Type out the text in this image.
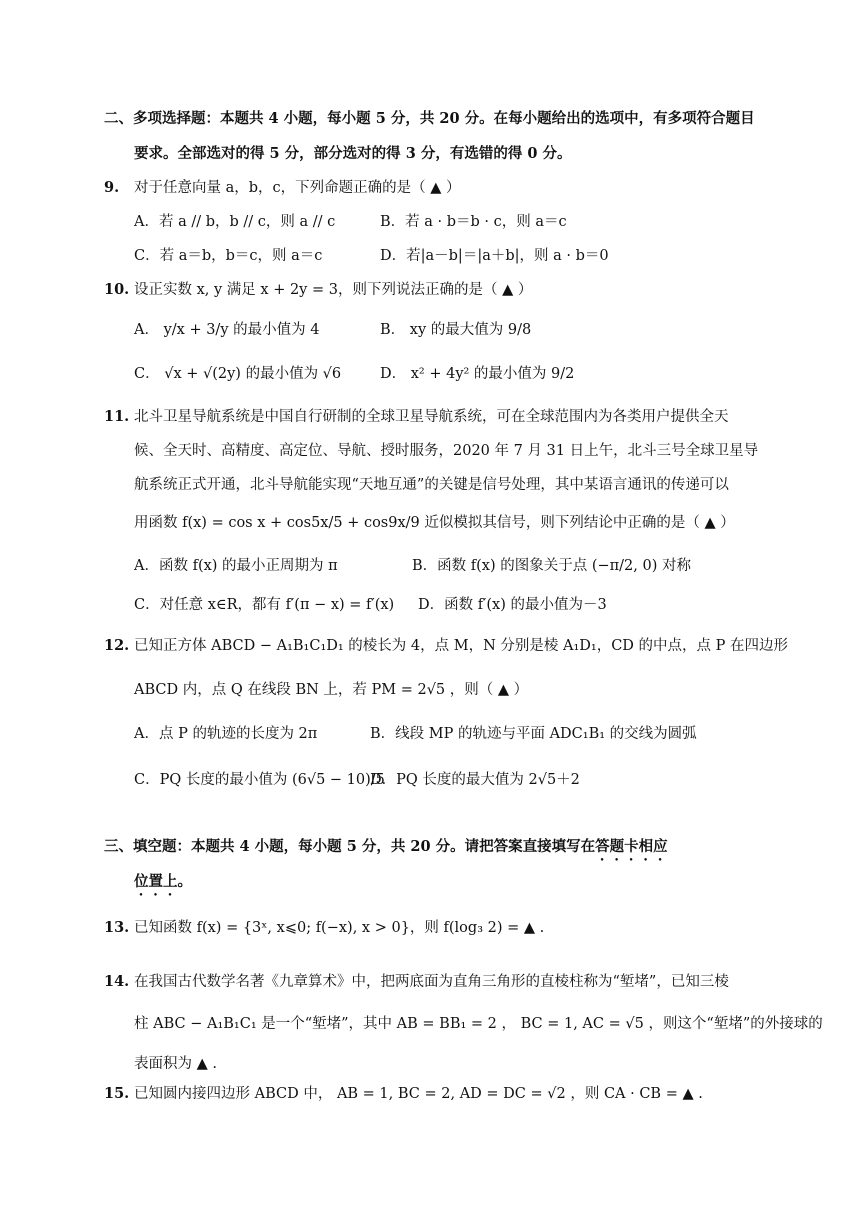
二、多项选择题：本题共 4 小题，每小题 5 分，共 20 分。在每小题给出的选项中，有多项符合题目
要求。全部选对的得 5 分，部分选对的得 3 分，有选错的得 0 分。
9. 对于任意向量 a，b，c，下列命题正确的是（ ▲ ）
A．若 a // b，b // c，则 a // c	B．若 a · b＝b · c，则 a＝c
C．若 a＝b，b＝c，则 a＝c	D．若|a－b|＝|a＋b|，则 a · b＝0
10. 设正实数 x, y 满足 x + 2y = 3，则下列说法正确的是（ ▲ ）
A． y/x + 3/y 的最小值为 4	B． xy 的最大值为 9/8
C． √x + √(2y) 的最小值为 √6	D． x² + 4y² 的最小值为 9/2
11. 北斗卫星导航系统是中国自行研制的全球卫星导航系统，可在全球范围内为各类用户提供全天
候、全天时、高精度、高定位、导航、授时服务，2020 年 7 月 31 日上午，北斗三号全球卫星导
航系统正式开通，北斗导航能实现“天地互通”的关键是信号处理，其中某语言通讯的传递可以
用函数 f(x) = cos x + cos5x/5 + cos9x/9 近似模拟其信号，则下列结论中正确的是（ ▲ ）
A．函数 f(x) 的最小正周期为 π	B．函数 f(x) 的图象关于点 (−π/2, 0) 对称
C．对任意 x∈R，都有 f′(π − x) = f′(x) D．函数 f′(x) 的最小值为－3
12. 已知正方体 ABCD − A₁B₁C₁D₁ 的棱长为 4，点 M，N 分别是棱 A₁D₁，CD 的中点，点 P 在四边形
ABCD 内，点 Q 在线段 BN 上，若 PM = 2√5 ，则（ ▲ ）
A．点 P 的轨迹的长度为 2π	B．线段 MP 的轨迹与平面 ADC₁B₁ 的交线为圆弧
C．PQ 长度的最小值为 (6√5 − 10)/5
D．PQ 长度的最大值为 2√5＋2
三、填空题：本题共 4 小题，每小题 5 分，共 20 分。请把答案直接填写在答题卡相应
位置上。
13. 已知函数 f(x) = {3ˣ, x⩽0; f(−x), x > 0}，则 f(log₃ 2) = ▲ .
14. 在我国古代数学名著《九章算术》中，把两底面为直角三角形的直棱柱称为“堑堵”，已知三棱
柱 ABC − A₁B₁C₁ 是一个“堑堵”，其中 AB = BB₁ = 2 ， BC = 1, AC = √5 ，则这个“堑堵”的外接球的
表面积为 ▲ .
15. 已知圆内接四边形 ABCD 中， AB = 1, BC = 2, AD = DC = √2 ，则 CA · CB = ▲ .
